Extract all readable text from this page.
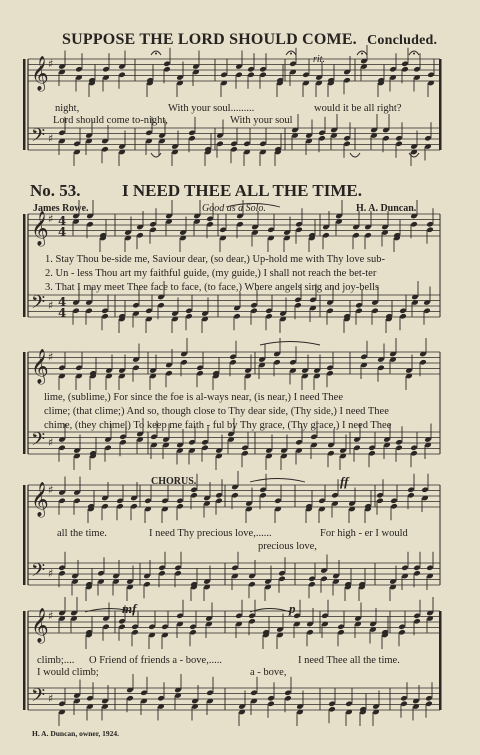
𝄞
𝄢
♯
♯
𝄞
𝄢
♯
♯
4
4
4
4
𝄞
𝄢
♯
♯
𝄞
𝄢
♯
♯
𝄞
𝄢
♯
♯
SUPPOSE THE LORD SHOULD COME. Concluded.
rit.
night,	With your soul.........	would it be all right?
Lord should come to-night,	With your soul
No. 53. I NEED THEE ALL THE TIME.
James Rowe.	Good as a Solo.	H. A. Duncan.
1. Stay Thou be-side me, Saviour dear, (so dear,) Up-hold me with Thy love sub-
2. Un - less Thou art my faithful guide, (my guide,) I shall not reach the bet-ter
3. That I may meet Thee face to face, (to face,) Where angels sing and joy-bells
lime, (sublime,) For since the foe is al-ways near, (is near,) I need Thee
clime; (that clime;) And so, though close to Thy dear side, (Thy side,) I need Thee
chime, (they chime,) To keep me faith - ful by Thy grace, (Thy grace,) I need Thee
CHORUS.	ff
all the time.	I need Thy precious love,......	For high - er I would
precious love,
mf	p
climb;.... O Friend of friends a - bove,.....	I need Thee all the time.
I would climb;	a - bove,
H. A. Duncan, owner, 1924.
